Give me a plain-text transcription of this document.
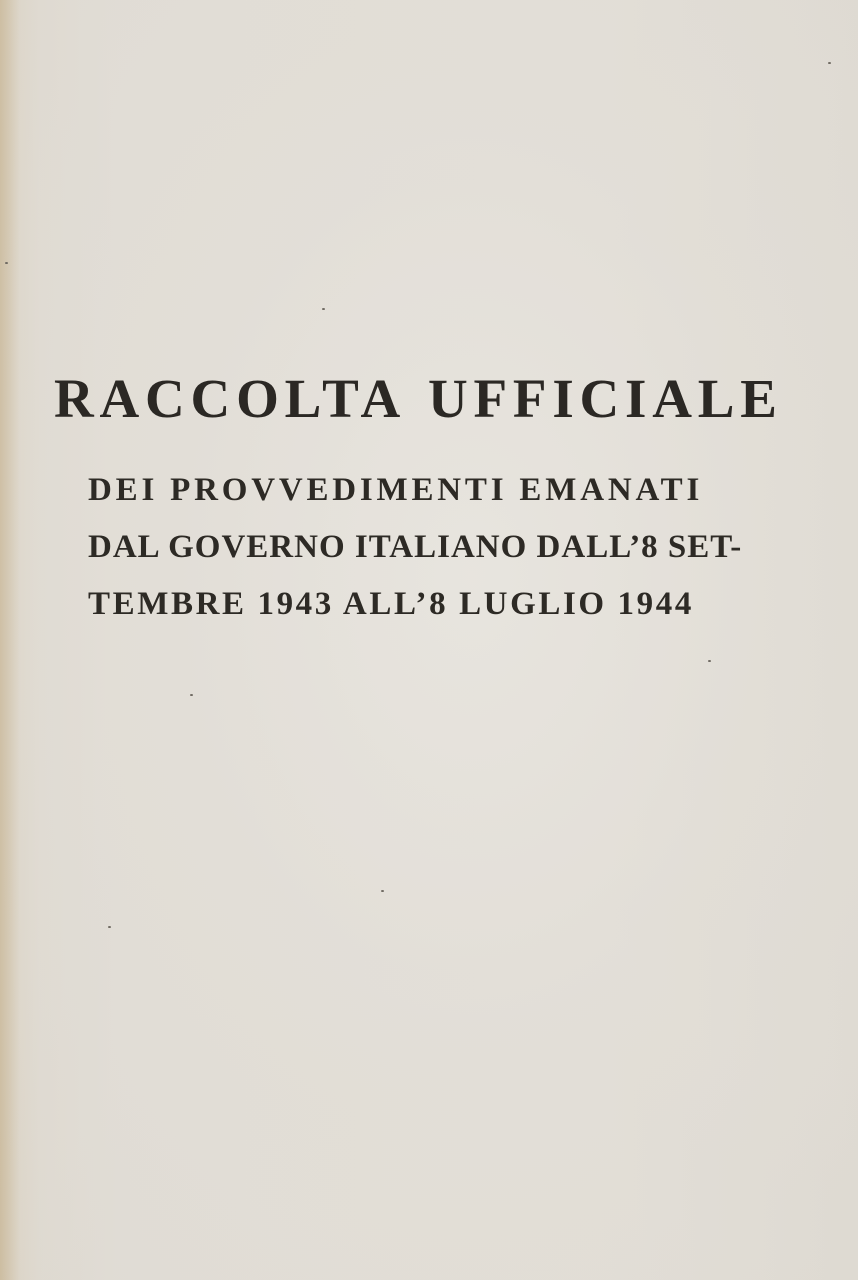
RACCOLTA UFFICIALE
DEI PROVVEDIMENTI EMANATI
DAL GOVERNO ITALIANO DALL’8 SET-
TEMBRE 1943 ALL’8 LUGLIO 1944
